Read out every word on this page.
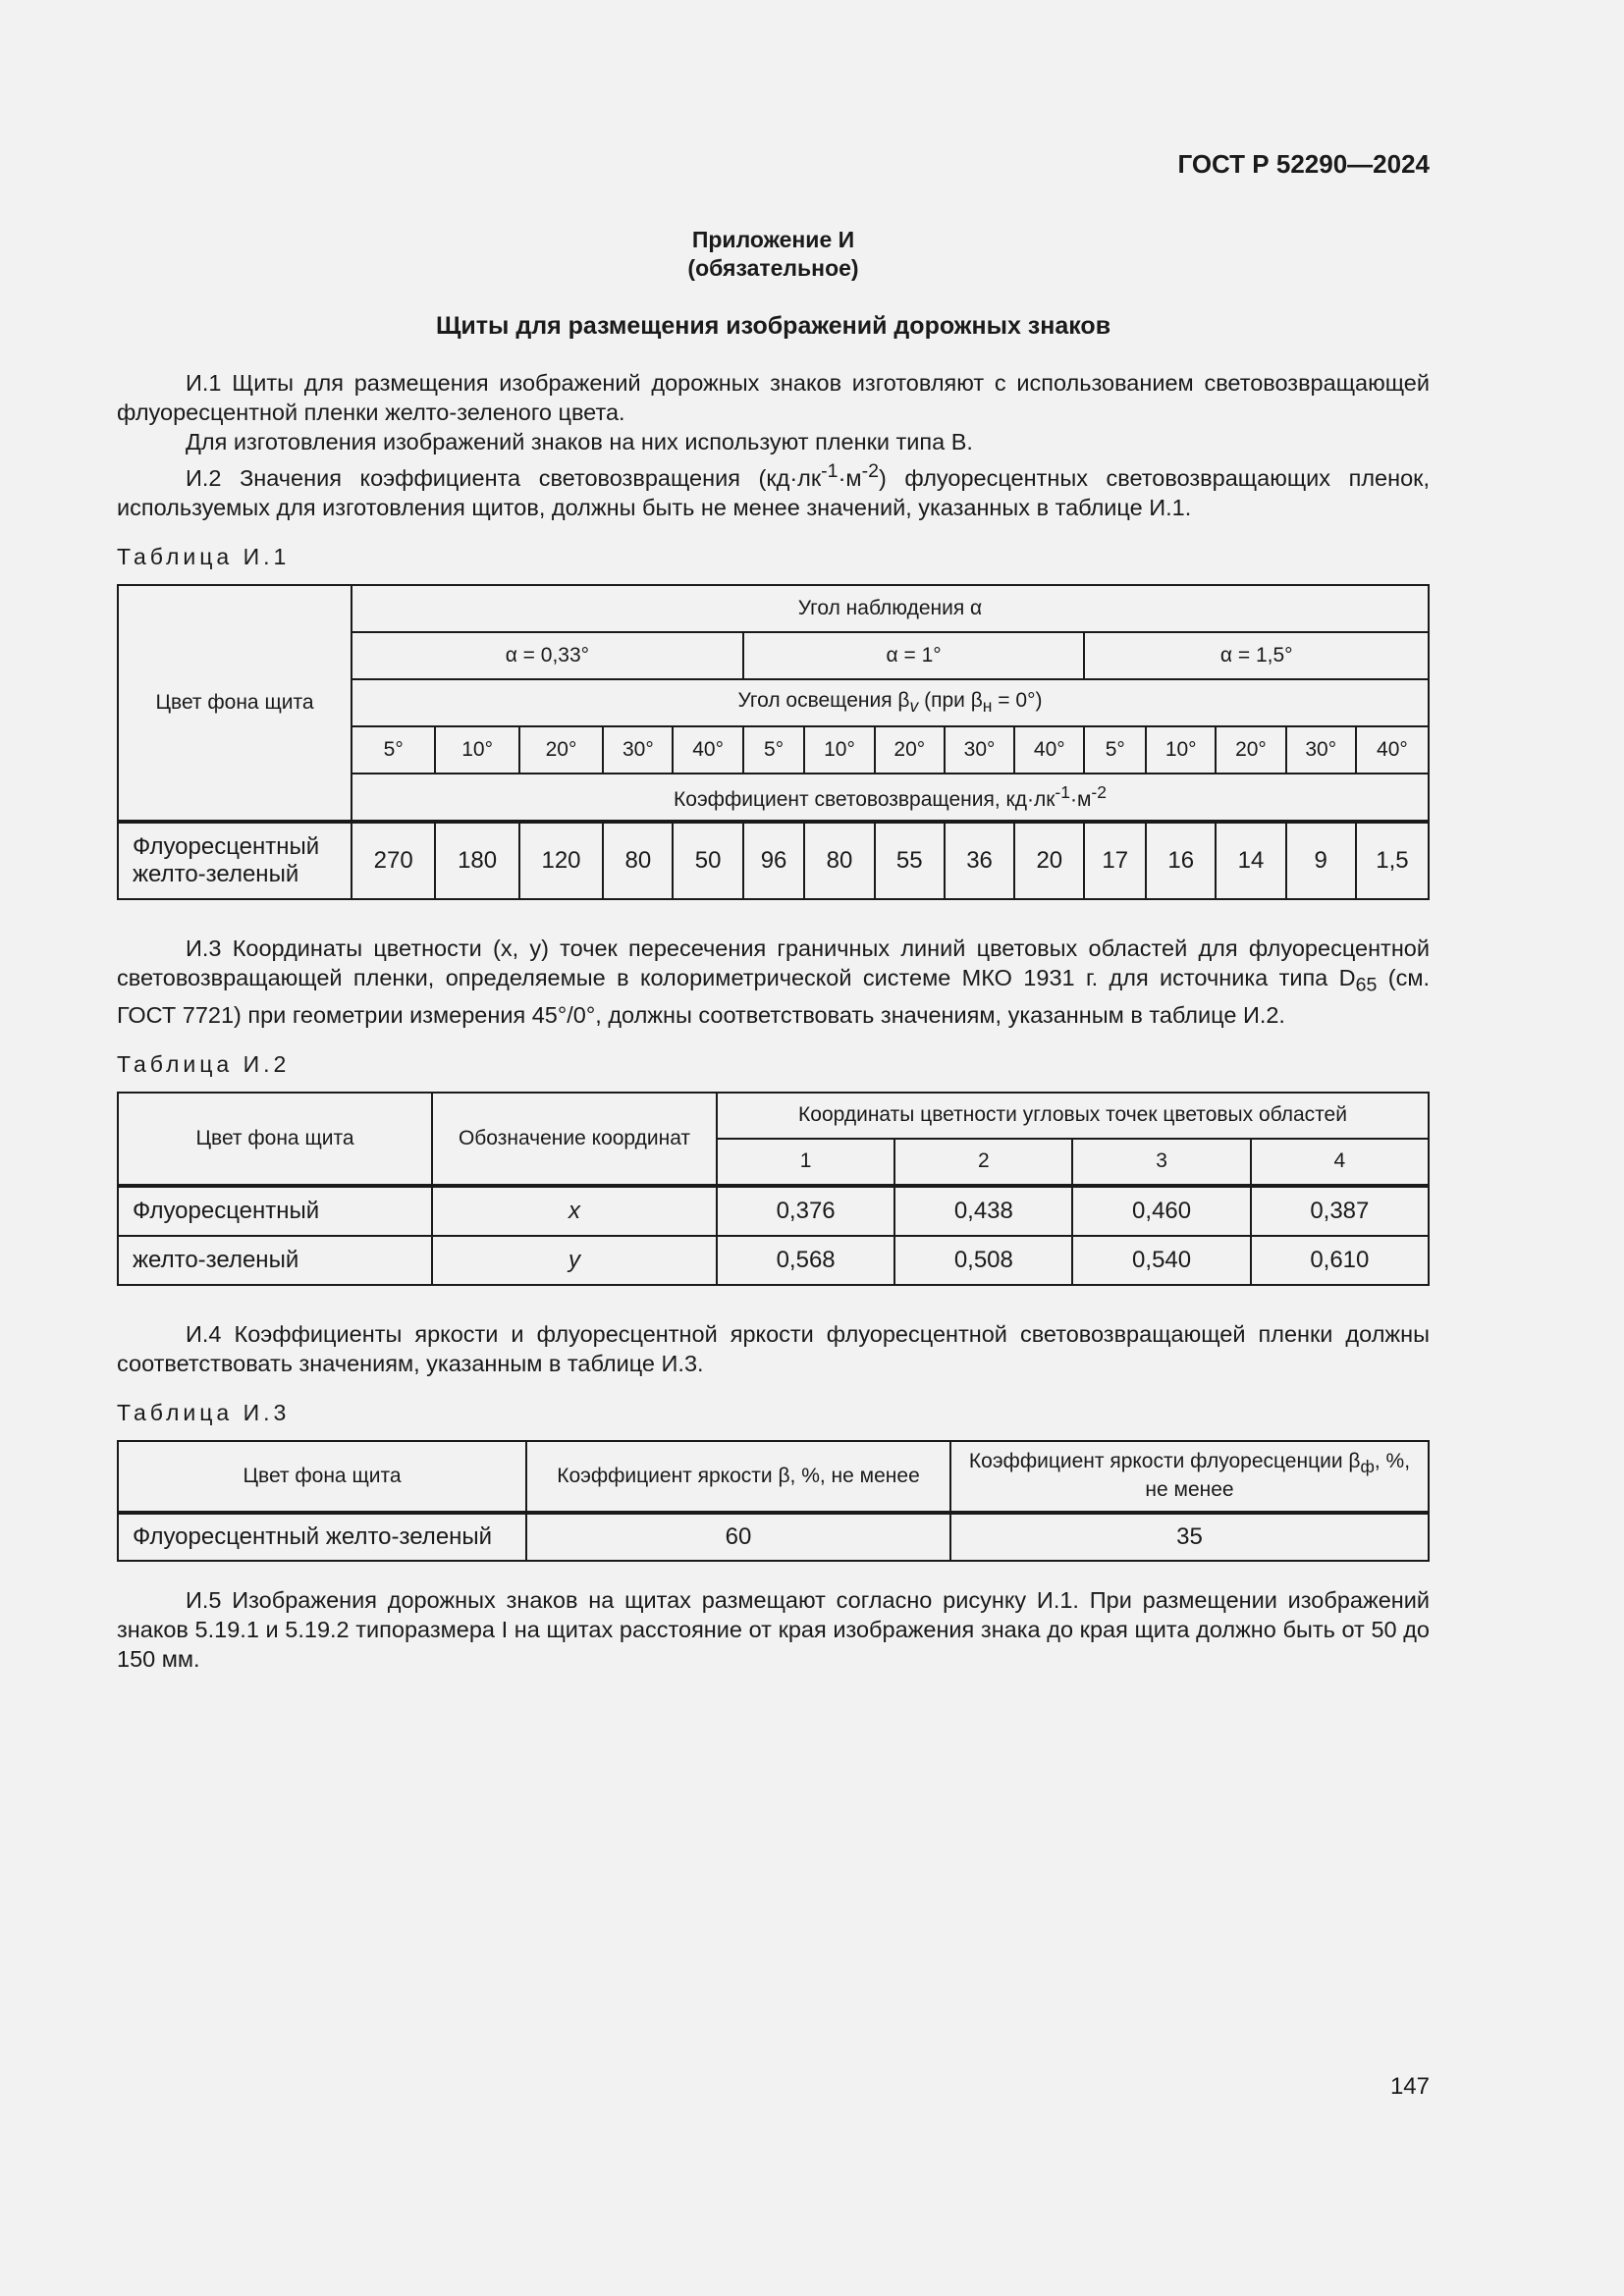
ГОСТ Р 52290—2024
Приложение И
(обязательное)
Щиты для размещения изображений дорожных знаков

И.1 Щиты для размещения изображений дорожных знаков изготовляют с использованием световозвращающей флуоресцентной пленки желто-зеленого цвета.

Для изготовления изображений знаков на них используют пленки типа В.

И.2 Значения коэффициента световозвращения $(кд\cdot лк^{-1}\cdot м^{-2})$ флуоресцентных световозвращающих пленок, используемых для изготовления щитов, должны быть не менее значений, указанных в таблице И.1.

Таблица И.1
Цвет фона щита	Угол наблюдения α														
	α = 0,33°					α = 1°					α = 1,5°				
	Угол освещения $\beta_v$ (при $\beta_н = 0^\circ$)														
	5°	10°	20°	30°	40°	5°	10°	20°	30°	40°	5°	10°	20°	30°	40°
	Коэффициент световозвращения, $кд\cdot лк^{-1}\cdot м^{-2}$
Флуоресцентный желто-зеленый	270	180	120	80	50	96	80	55	36	20	17	16	14	9	1,5

И.3 Координаты цветности (x, y) точек пересечения граничных линий цветовых областей для флуоресцентной световозвращающей пленки, определяемые в колориметрической системе МКО 1931 г. для источника типа $D_{65}$ (см. ГОСТ 7721) при геометрии измерения 45°/0°, должны соответствовать значениям, указанным в таблице И.2.

Таблица И.2
Цвет фона щита	Обозначение координат	Координаты цветности угловых точек цветовых областей			
		1	2	3	4
Флуоресцентный	x	0,376	0,438	0,460	0,387
желто-зеленый	y	0,568	0,508	0,540	0,610

И.4 Коэффициенты яркости и флуоресцентной яркости флуоресцентной световозвращающей пленки должны соответствовать значениям, указанным в таблице И.3.

Таблица И.3
Цвет фона щита	Коэффициент яркости β, %, не менее	Коэффициент яркости флуоресценции $\beta_ф$, %, не менее
Флуоресцентный желто-зеленый	60	35

И.5 Изображения дорожных знаков на щитах размещают согласно рисунку И.1. При размещении изображений знаков 5.19.1 и 5.19.2 типоразмера I на щитах расстояние от края изображения знака до края щита должно быть от 50 до 150 мм.

147
